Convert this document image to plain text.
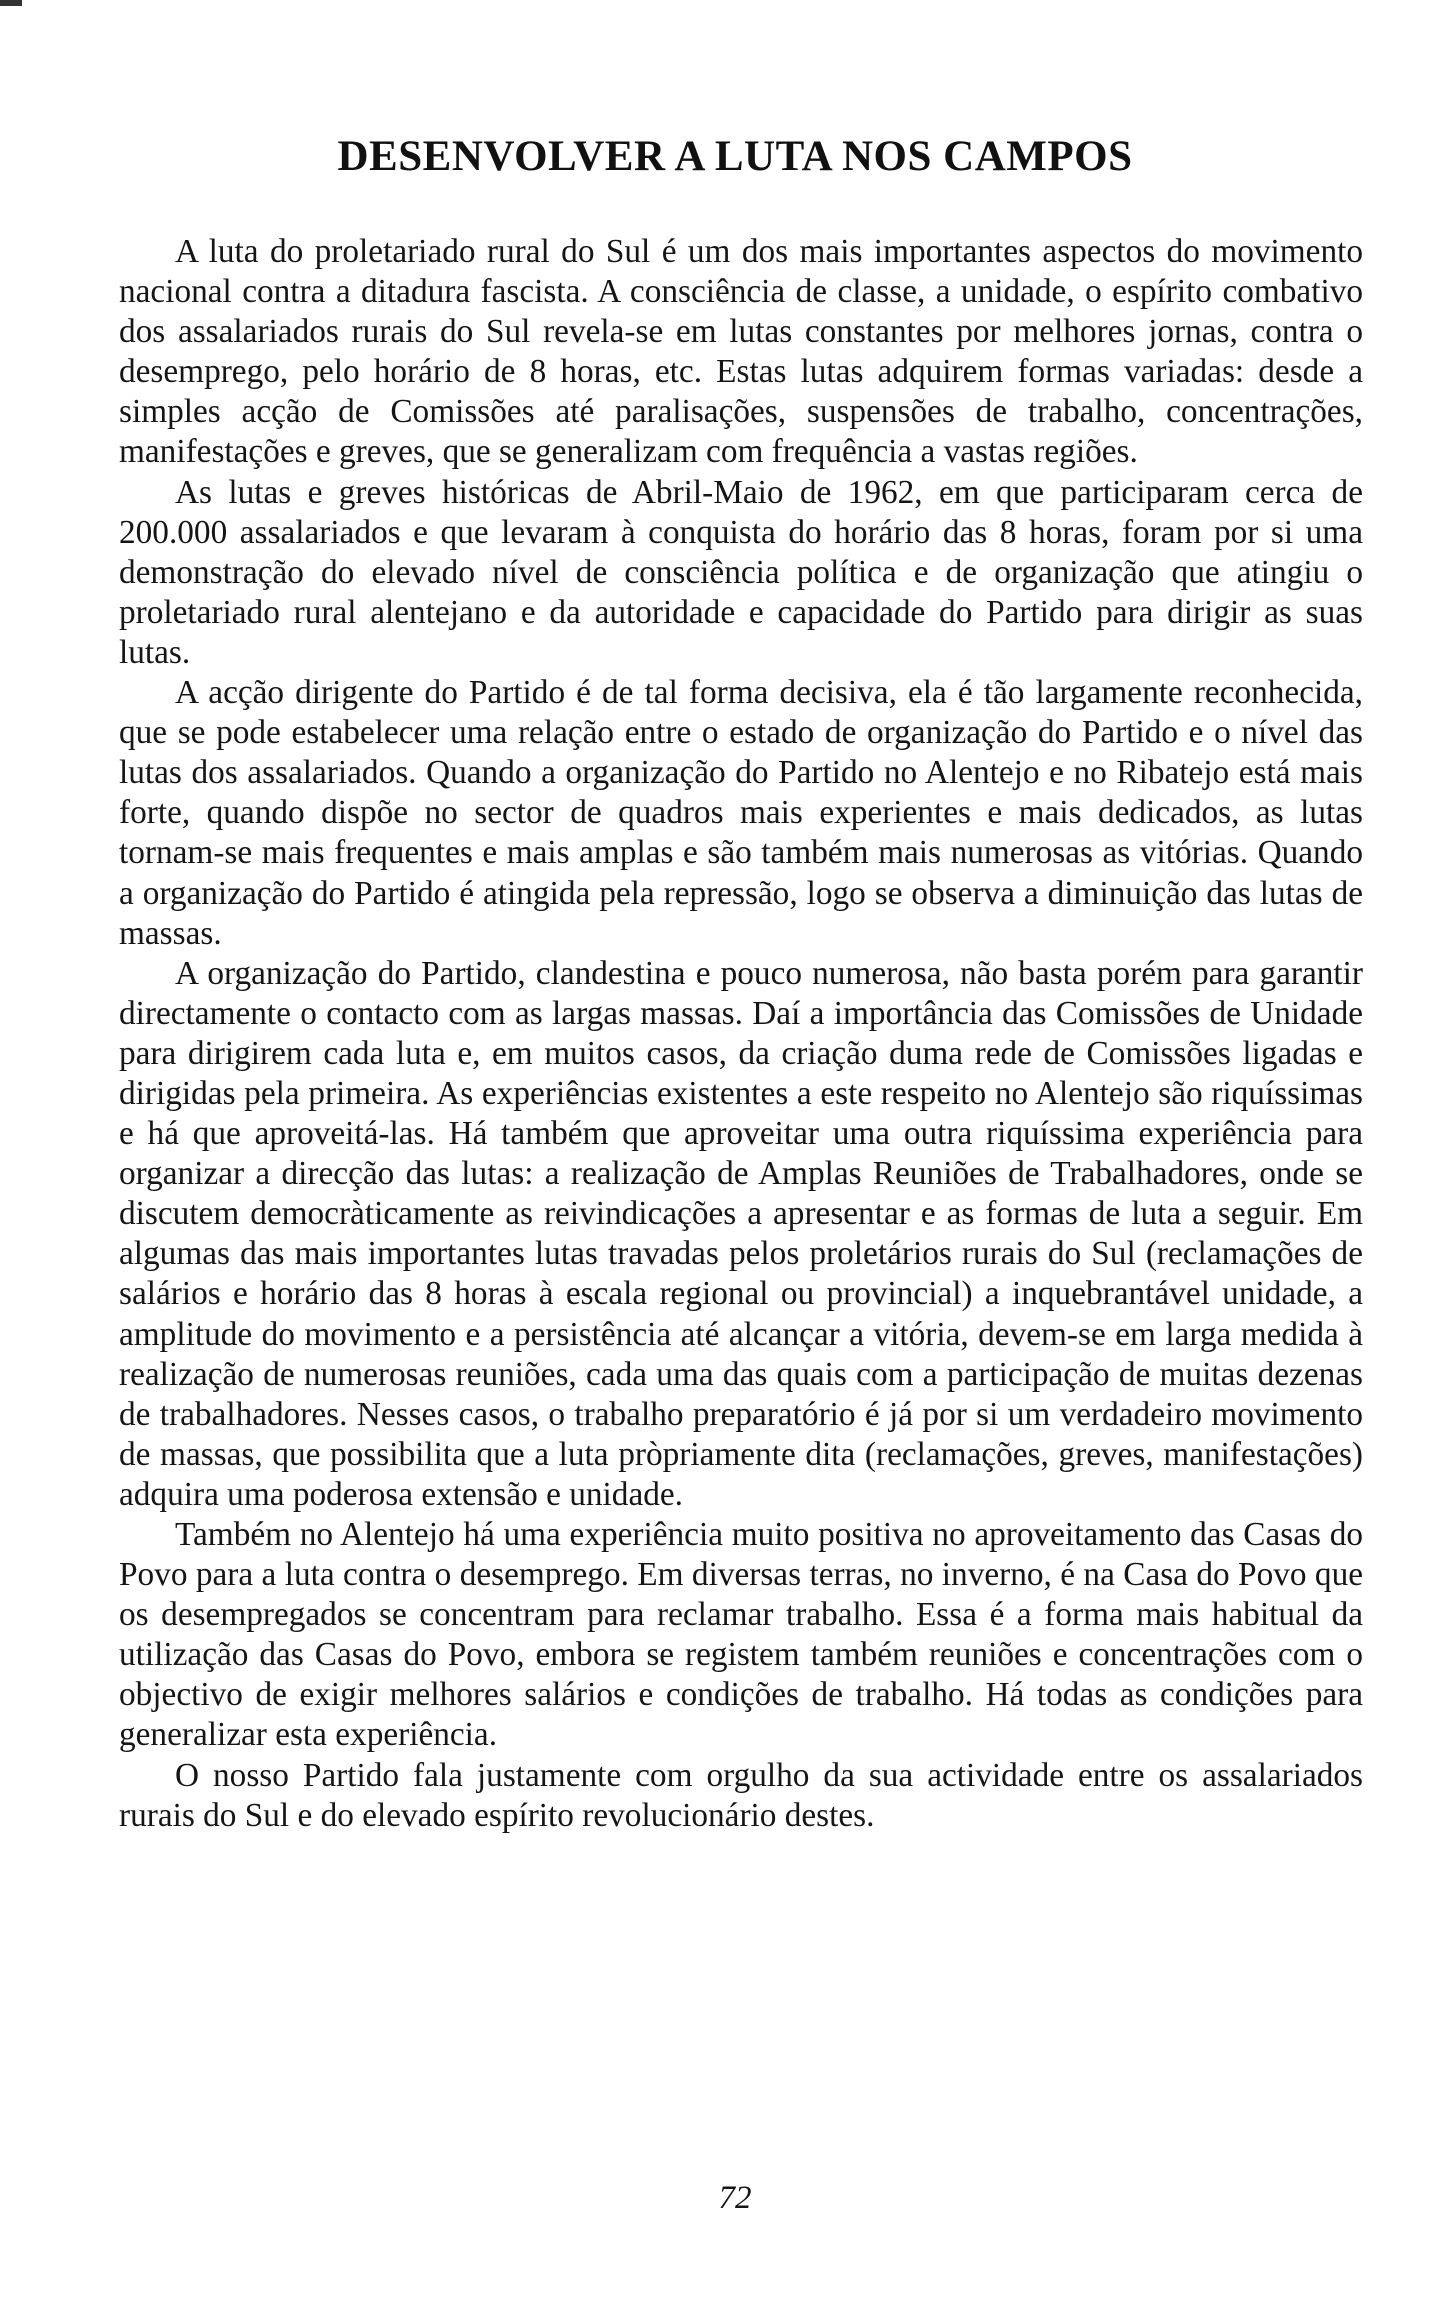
DESENVOLVER A LUTA NOS CAMPOS

A luta do proletariado rural do Sul é um dos mais importantes aspectos do movimento nacional contra a ditadura fascista. A consciência de classe, a unidade, o espírito combativo dos assalariados rurais do Sul revela-se em lutas constantes por melhores jornas, contra o desemprego, pelo horário de 8 horas, etc. Estas lutas adquirem formas variadas: desde a simples acção de Comissões até paralisações, suspensões de trabalho, concentrações, manifestações e greves, que se generalizam com frequência a vastas regiões.

As lutas e greves históricas de Abril-Maio de 1962, em que participaram cerca de 200.000 assalariados e que levaram à conquista do horário das 8 horas, foram por si uma demonstração do elevado nível de consciência política e de organização que atingiu o proletariado rural alentejano e da autoridade e capacidade do Partido para dirigir as suas lutas.

A acção dirigente do Partido é de tal forma decisiva, ela é tão largamente reconhecida, que se pode estabelecer uma relação entre o estado de organização do Partido e o nível das lutas dos assalariados. Quando a organização do Partido no Alentejo e no Ribatejo está mais forte, quando dispõe no sector de quadros mais experientes e mais dedicados, as lutas tornam-se mais frequentes e mais amplas e são também mais numerosas as vitórias. Quando a organização do Partido é atingida pela repressão, logo se observa a diminuição das lutas de massas.

A organização do Partido, clandestina e pouco numerosa, não basta porém para garantir directamente o contacto com as largas massas. Daí a importância das Comissões de Unidade para dirigirem cada luta e, em muitos casos, da criação duma rede de Comissões ligadas e dirigidas pela primeira. As experiências existentes a este respeito no Alentejo são riquíssimas e há que aproveitá-las. Há também que aproveitar uma outra riquíssima experiência para organizar a direcção das lutas: a realização de Amplas Reuniões de Trabalhadores, onde se discutem democràticamente as reivindicações a apresentar e as formas de luta a seguir. Em algumas das mais importantes lutas travadas pelos proletários rurais do Sul (reclamações de salários e horário das 8 horas à escala regional ou provincial) a inquebrantável unidade, a amplitude do movimento e a persistência até alcançar a vitória, devem-se em larga medida à realização de numerosas reuniões, cada uma das quais com a participação de muitas dezenas de trabalhadores. Nesses casos, o trabalho preparatório é já por si um verdadeiro movimento de massas, que possibilita que a luta pròpriamente dita (reclamações, greves, manifestações) adquira uma poderosa extensão e unidade.

Também no Alentejo há uma experiência muito positiva no aproveitamento das Casas do Povo para a luta contra o desemprego. Em diversas terras, no inverno, é na Casa do Povo que os desempregados se concentram para reclamar trabalho. Essa é a forma mais habitual da utilização das Casas do Povo, embora se registem também reuniões e concentrações com o objectivo de exigir melhores salários e condições de trabalho. Há todas as condições para generalizar esta experiência.

O nosso Partido fala justamente com orgulho da sua actividade entre os assalariados rurais do Sul e do elevado espírito revolucionário destes.

72
